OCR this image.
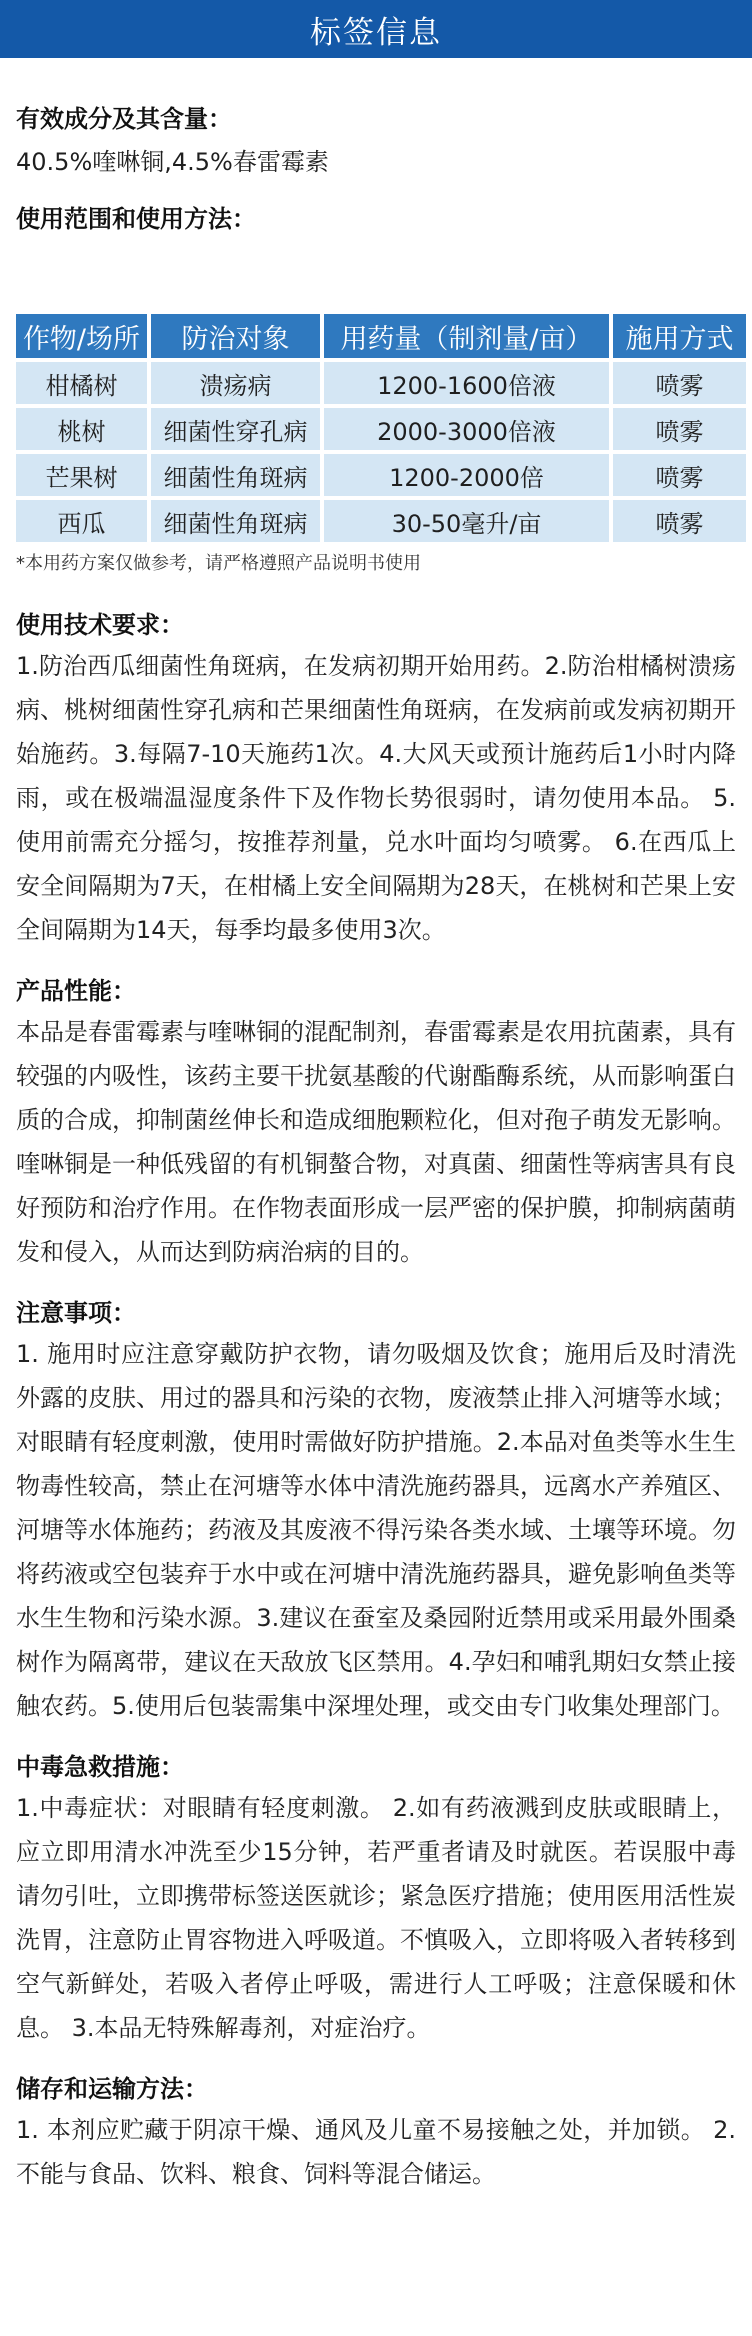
标签信息
有效成分及其含量：
40.5%喹啉铜,4.5%春雷霉素
使用范围和使用方法：
作物/场所	防治对象	用药量（制剂量/亩）	施用方式
柑橘树	溃疡病	1200-1600倍液	喷雾
桃树	细菌性穿孔病	2000-3000倍液	喷雾
芒果树	细菌性角斑病	1200-2000倍	喷雾
西瓜	细菌性角斑病	30-50毫升/亩	喷雾
*本用药方案仅做参考，请严格遵照产品说明书使用
使用技术要求：
1.防治西瓜细菌性角斑病，在发病初期开始用药。2.防治柑橘树溃疡病、桃树细菌性穿孔病和芒果细菌性角斑病，在发病前或发病初期开始施药。3.每隔7-10天施药1次。4.大风天或预计施药后1小时内降雨，或在极端温湿度条件下及作物长势很弱时，请勿使用本品。 5.使用前需充分摇匀，按推荐剂量，兑水叶面均匀喷雾。 6.在西瓜上安全间隔期为7天，在柑橘上安全间隔期为28天，在桃树和芒果上安全间隔期为14天，每季均最多使用3次。
产品性能：
本品是春雷霉素与喹啉铜的混配制剂，春雷霉素是农用抗菌素，具有较强的内吸性，该药主要干扰氨基酸的代谢酯酶系统，从而影响蛋白质的合成，抑制菌丝伸长和造成细胞颗粒化，但对孢子萌发无影响。喹啉铜是一种低残留的有机铜螯合物，对真菌、细菌性等病害具有良好预防和治疗作用。在作物表面形成一层严密的保护膜，抑制病菌萌发和侵入，从而达到防病治病的目的。
注意事项：
1. 施用时应注意穿戴防护衣物，请勿吸烟及饮食；施用后及时清洗外露的皮肤、用过的器具和污染的衣物，废液禁止排入河塘等水域；对眼睛有轻度刺激，使用时需做好防护措施。2.本品对鱼类等水生生物毒性较高，禁止在河塘等水体中清洗施药器具，远离水产养殖区、河塘等水体施药；药液及其废液不得污染各类水域、土壤等环境。勿将药液或空包装弃于水中或在河塘中清洗施药器具，避免影响鱼类等水生生物和污染水源。3.建议在蚕室及桑园附近禁用或采用最外围桑树作为隔离带，建议在天敌放飞区禁用。4.孕妇和哺乳期妇女禁止接触农药。5.使用后包装需集中深埋处理，或交由专门收集处理部门。
中毒急救措施：
1.中毒症状：对眼睛有轻度刺激。 2.如有药液溅到皮肤或眼睛上，应立即用清水冲洗至少15分钟，若严重者请及时就医。若误服中毒请勿引吐，立即携带标签送医就诊；紧急医疗措施；使用医用活性炭洗胃，注意防止胃容物进入呼吸道。不慎吸入，立即将吸入者转移到空气新鲜处，若吸入者停止呼吸，需进行人工呼吸；注意保暖和休息。 3.本品无特殊解毒剂，对症治疗。
储存和运输方法：
1. 本剂应贮藏于阴凉干燥、通风及儿童不易接触之处，并加锁。 2. 不能与食品、饮料、粮食、饲料等混合储运。
